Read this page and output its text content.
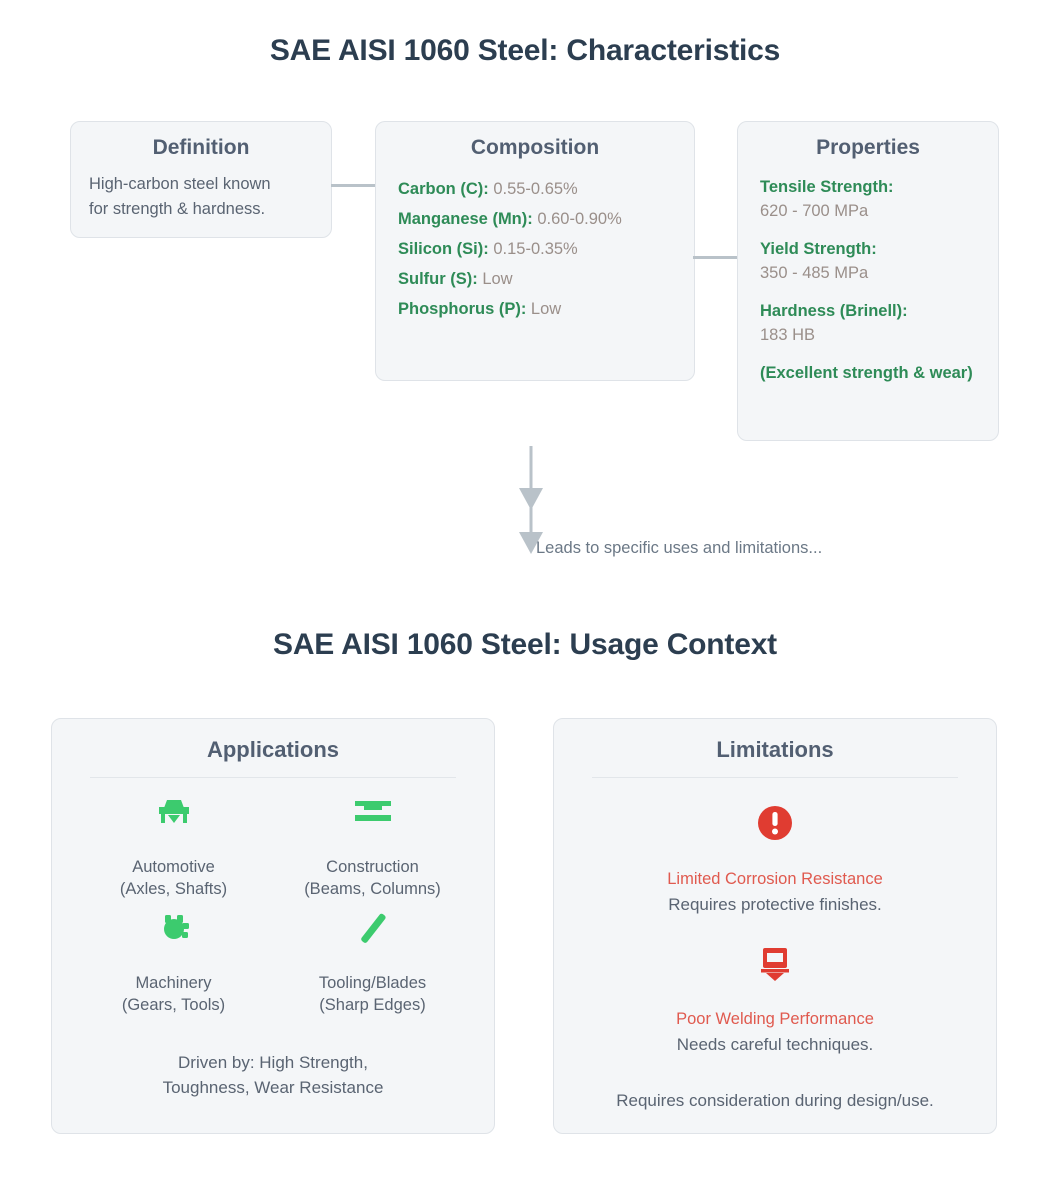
SAE AISI 1060 Steel: Characteristics
Definition
High-carbon steel known for strength & hardness.
Composition
Carbon (C): 0.55-0.65%
Manganese (Mn): 0.60-0.90%
Silicon (Si): 0.15-0.35%
Sulfur (S): Low
Phosphorus (P): Low
Properties
Tensile Strength:
620 - 700 MPa
Yield Strength:
350 - 485 MPa
Hardness (Brinell):
183 HB
(Excellent strength & wear)
Leads to specific uses and limitations...
SAE AISI 1060 Steel: Usage Context
Applications
Automotive
(Axles, Shafts)
Construction
(Beams, Columns)
Machinery
(Gears, Tools)
Tooling/Blades
(Sharp Edges)
Driven by: High Strength,
Toughness, Wear Resistance
Limitations
Limited Corrosion Resistance
Requires protective finishes.
Poor Welding Performance
Needs careful techniques.
Requires consideration during design/use.
